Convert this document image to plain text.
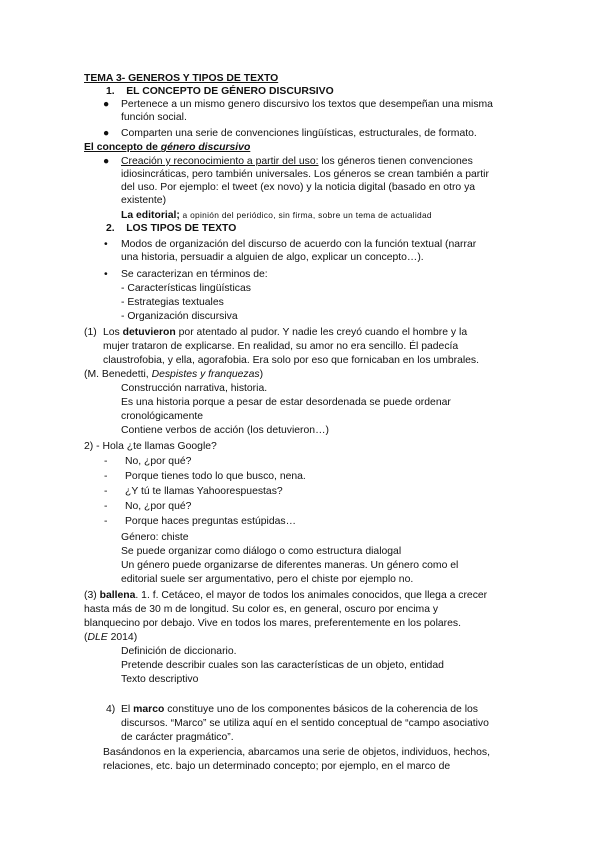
TEMA 3- GENEROS Y TIPOS DE TEXTO
1.    EL CONCEPTO DE GÉNERO DISCURSIVO
● Pertenece a un mismo genero discursivo los textos que desempeñan una misma
función social.
● Comparten una serie de convenciones lingüísticas, estructurales, de formato.
El concepto de género discursivo
● Creación y reconocimiento a partir del uso: los géneros tienen convenciones
idiosincráticas, pero también universales. Los géneros se crean también a partir
del uso. Por ejemplo: el tweet (ex novo) y la noticia digital (basado en otro ya
existente)
La editorial; a opinión del periódico, sin firma, sobre un tema de actualidad
2.    LOS TIPOS DE TEXTO
• Modos de organización del discurso de acuerdo con la función textual (narrar
una historia, persuadir a alguien de algo, explicar un concepto…).
• Se caracterizan en términos de:
- Características lingüísticas
- Estrategias textuales
- Organización discursiva
(1) Los detuvieron por atentado al pudor. Y nadie les creyó cuando el hombre y la
mujer trataron de explicarse. En realidad, su amor no era sencillo. Él padecía
claustrofobia, y ella, agorafobia. Era solo por eso que fornicaban en los umbrales.
(M. Benedetti, Despistes y franquezas)
Construcción narrativa, historia.
Es una historia porque a pesar de estar desordenada se puede ordenar
cronológicamente
Contiene verbos de acción (los detuvieron…)
2) - Hola ¿te llamas Google?
- No, ¿por qué?
- Porque tienes todo lo que busco, nena.
- ¿Y tú te llamas Yahoorespuestas?
- No, ¿por qué?
- Porque haces preguntas estúpidas…
Género: chiste
Se puede organizar como diálogo o como estructura dialogal
Un género puede organizarse de diferentes maneras. Un género como el
editorial suele ser argumentativo, pero el chiste por ejemplo no.
(3) ballena. 1. f. Cetáceo, el mayor de todos los animales conocidos, que llega a crecer
hasta más de 30 m de longitud. Su color es, en general, oscuro por encima y
blanquecino por debajo. Vive en todos los mares, preferentemente en los polares.
(DLE 2014)
Definición de diccionario.
Pretende describir cuales son las características de un objeto, entidad
Texto descriptivo
4) El marco constituye uno de los componentes básicos de la coherencia de los
discursos. “Marco” se utiliza aquí en el sentido conceptual de “campo asociativo
de carácter pragmático”.
Basándonos en la experiencia, abarcamos una serie de objetos, individuos, hechos,
relaciones, etc. bajo un determinado concepto; por ejemplo, en el marco de
